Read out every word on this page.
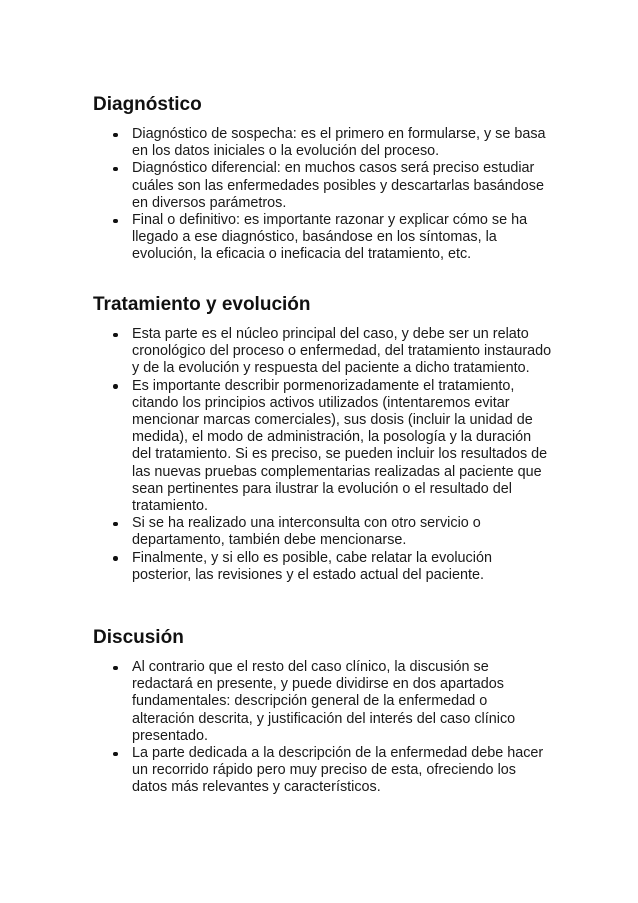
Diagnóstico
Diagnóstico de sospecha: es el primero en formularse, y se basa en los datos iniciales o la evolución del proceso.
Diagnóstico diferencial: en muchos casos será preciso estudiar cuáles son las enfermedades posibles y descartarlas basándose en diversos parámetros.
Final o definitivo: es importante razonar y explicar cómo se ha llegado a ese diagnóstico, basándose en los síntomas, la evolución, la eficacia o ineficacia del tratamiento, etc.
Tratamiento y evolución
Esta parte es el núcleo principal del caso, y debe ser un relato cronológico del proceso o enfermedad, del tratamiento instaurado y de la evolución y respuesta del paciente a dicho tratamiento.
Es importante describir pormenorizadamente el tratamiento, citando los principios activos utilizados (intentaremos evitar mencionar marcas comerciales), sus dosis (incluir la unidad de medida), el modo de administración, la posología y la duración del tratamiento. Si es preciso, se pueden incluir los resultados de las nuevas pruebas complementarias realizadas al paciente que sean pertinentes para ilustrar la evolución o el resultado del tratamiento.
Si se ha realizado una interconsulta con otro servicio o departamento, también debe mencionarse.
Finalmente, y si ello es posible, cabe relatar la evolución posterior, las revisiones y el estado actual del paciente.
Discusión
Al contrario que el resto del caso clínico, la discusión se redactará en presente, y puede dividirse en dos apartados fundamentales: descripción general de la enfermedad o alteración descrita, y justificación del interés del caso clínico presentado.
La parte dedicada a la descripción de la enfermedad debe hacer un recorrido rápido pero muy preciso de esta, ofreciendo los datos más relevantes y característicos.
